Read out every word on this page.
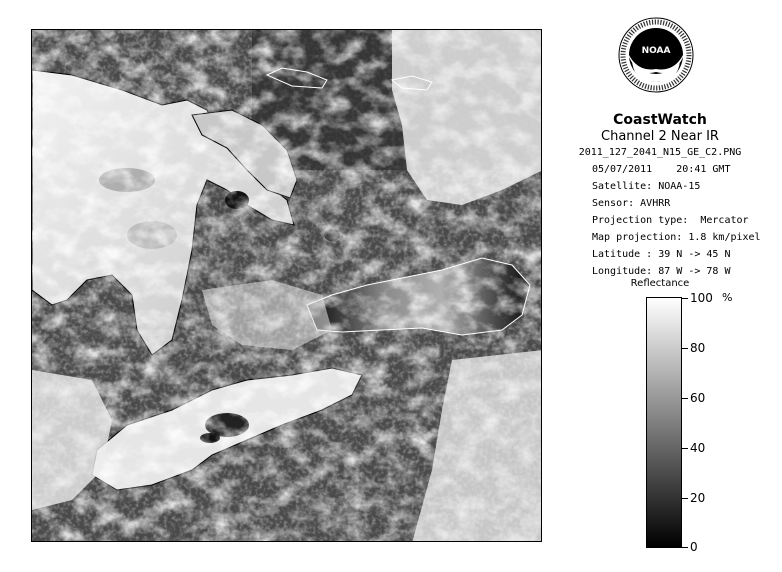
NOAA
CoastWatch
Channel 2 Near IR
2011_127_2041_N15_GE_C2.PNG
05/07/2011    20:41 GMT
Satellite: NOAA-15
Sensor: AVHRR
Projection type:  Mercator
Map projection: 1.8 km/pixel
Latitude : 39 N -> 45 N
Longitude: 87 W -> 78 W
Reflectance
%
100
80
60
40
20
0
